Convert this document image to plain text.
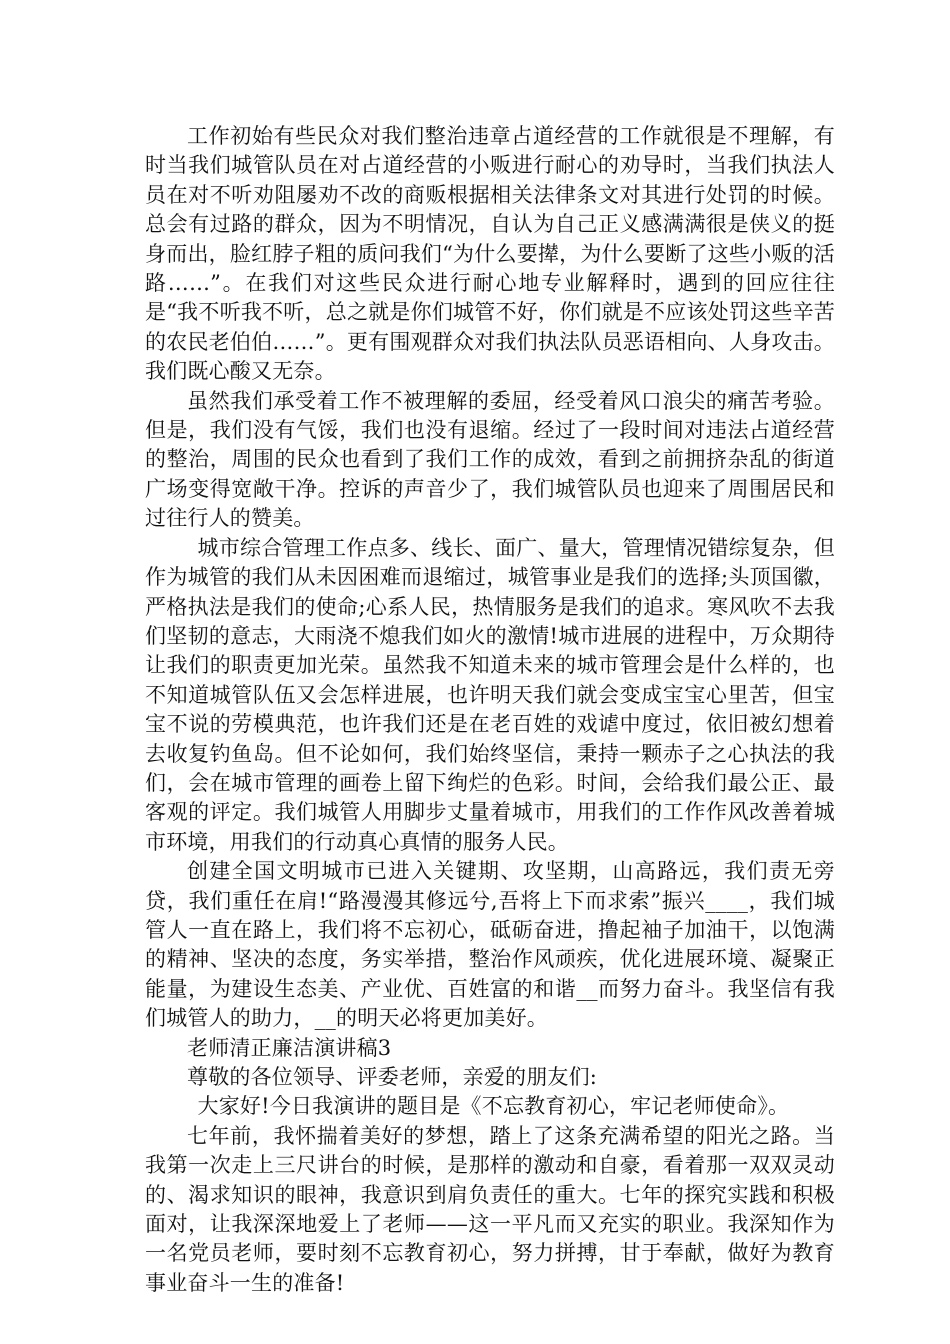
工作初始有些民众对我们整治违章占道经营的工作就很是不理解，有时当我们城管队员在对占道经营的小贩进行耐心的劝导时，当我们执法人员在对不听劝阻屡劝不改的商贩根据相关法律条文对其进行处罚的时候。总会有过路的群众，因为不明情况，自认为自己正义感满满很是侠义的挺身而出，脸红脖子粗的质问我们“为什么要撵，为什么要断了这些小贩的活路……”。在我们对这些民众进行耐心地专业解释时，遇到的回应往往是“我不听我不听，总之就是你们城管不好，你们就是不应该处罚这些辛苦的农民老伯伯……”。更有围观群众对我们执法队员恶语相向、人身攻击。我们既心酸又无奈。

虽然我们承受着工作不被理解的委屈，经受着风口浪尖的痛苦考验。但是，我们没有气馁，我们也没有退缩。经过了一段时间对违法占道经营的整治，周围的民众也看到了我们工作的成效，看到之前拥挤杂乱的街道广场变得宽敞干净。控诉的声音少了，我们城管队员也迎来了周围居民和过往行人的赞美。

城市综合管理工作点多、线长、面广、量大，管理情况错综复杂，但作为城管的我们从未因困难而退缩过，城管事业是我们的选择;头顶国徽，严格执法是我们的使命;心系人民，热情服务是我们的追求。寒风吹不去我们坚韧的意志，大雨浇不熄我们如火的激情!城市进展的进程中，万众期待让我们的职责更加光荣。虽然我不知道未来的城市管理会是什么样的，也不知道城管队伍又会怎样进展，也许明天我们就会变成宝宝心里苦，但宝宝不说的劳模典范，也许我们还是在老百姓的戏谑中度过，依旧被幻想着去收复钓鱼岛。但不论如何，我们始终坚信，秉持一颗赤子之心执法的我们，会在城市管理的画卷上留下绚烂的色彩。时间，会给我们最公正、最客观的评定。我们城管人用脚步丈量着城市，用我们的工作作风改善着城市环境，用我们的行动真心真情的服务人民。

创建全国文明城市已进入关键期、攻坚期，山高路远，我们责无旁贷，我们重任在肩!“路漫漫其修远兮,吾将上下而求索”振兴____，我们城管人一直在路上，我们将不忘初心，砥砺奋进，撸起袖子加油干，以饱满的精神、坚决的态度，务实举措，整治作风顽疾，优化进展环境、凝聚正能量，为建设生态美、产业优、百姓富的和谐__而努力奋斗。我坚信有我们城管人的助力，__的明天必将更加美好。

老师清正廉洁演讲稿3

尊敬的各位领导、评委老师，亲爱的朋友们:

大家好!今日我演讲的题目是《不忘教育初心，牢记老师使命》。

七年前，我怀揣着美好的梦想，踏上了这条充满希望的阳光之路。当我第一次走上三尺讲台的时候，是那样的激动和自豪，看着那一双双灵动的、渴求知识的眼神，我意识到肩负责任的重大。七年的探究实践和积极面对，让我深深地爱上了老师——这一平凡而又充实的职业。我深知作为一名党员老师，要时刻不忘教育初心，努力拼搏，甘于奉献，做好为教育事业奋斗一生的准备!
